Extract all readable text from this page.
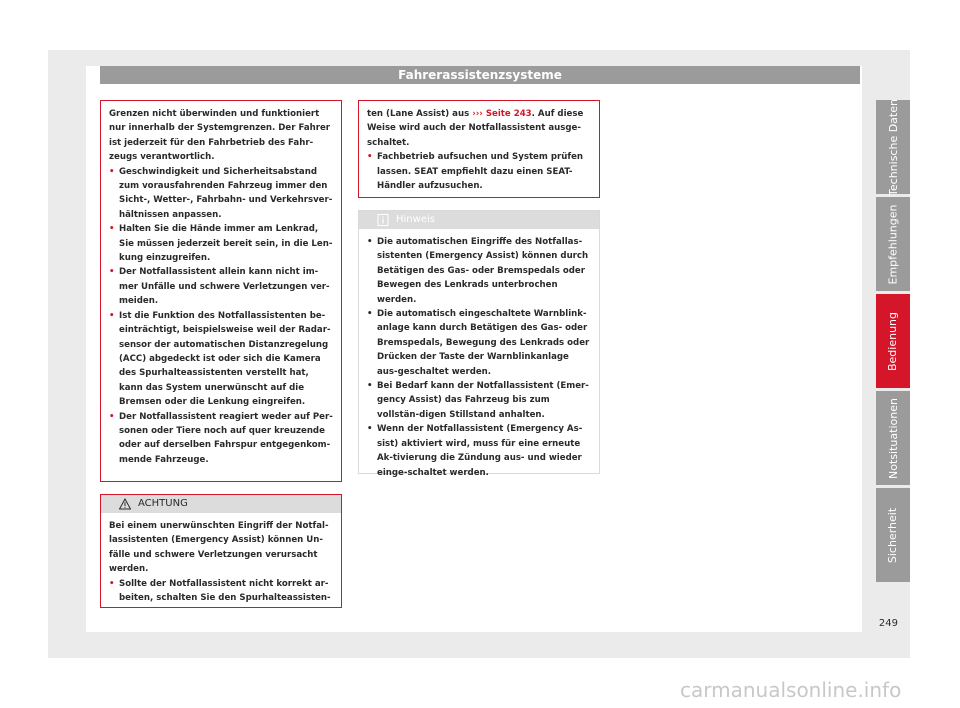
Fahrerassistenzsysteme

Grenzen nicht überwinden und funktioniert nur innerhalb der Systemgrenzen. Der Fahrer ist jederzeit für den Fahrbetrieb des Fahr-zeugs verantwortlich.

• Geschwindigkeit und Sicherheitsabstand zum vorausfahrenden Fahrzeug immer den Sicht-, Wetter-, Fahrbahn- und Verkehrsver-hältnissen anpassen.

• Halten Sie die Hände immer am Lenkrad, Sie müssen jederzeit bereit sein, in die Len-kung einzugreifen.

• Der Notfallassistent allein kann nicht im-mer Unfälle und schwere Verletzungen ver-meiden.

• Ist die Funktion des Notfallassistenten be-einträchtigt, beispielsweise weil der Radar-sensor der automatischen Distanzregelung (ACC) abgedeckt ist oder sich die Kamera des Spurhalteassistenten verstellt hat, kann das System unerwünscht auf die Bremsen oder die Lenkung eingreifen.

• Der Notfallassistent reagiert weder auf Per-sonen oder Tiere noch auf quer kreuzende oder auf derselben Fahrspur entgegenkom-mende Fahrzeuge.

ACHTUNG

Bei einem unerwünschten Eingriff der Notfal-lassistenten (Emergency Assist) können Un-fälle und schwere Verletzungen verursacht werden.

• Sollte der Notfallassistent nicht korrekt ar-beiten, schalten Sie den Spurhalteassisten-

ten (Lane Assist) aus ››› Seite 243. Auf diese Weise wird auch der Notfallassistent ausge-schaltet.

• Fachbetrieb aufsuchen und System prüfen lassen. SEAT empfiehlt dazu einen SEAT-Händler aufzusuchen.

Hinweis

• Die automatischen Eingriffe des Notfallas-sistenten (Emergency Assist) können durch Betätigen des Gas- oder Bremspedals oder Bewegen des Lenkrads unterbrochen werden.

• Die automatisch eingeschaltete Warnblink-anlage kann durch Betätigen des Gas- oder Bremspedals, Bewegung des Lenkrads oder Drücken der Taste der Warnblinkanlage aus-geschaltet werden.

• Bei Bedarf kann der Notfallassistent (Emer-gency Assist) das Fahrzeug bis zum vollstän-digen Stillstand anhalten.

• Wenn der Notfallassistent (Emergency As-sist) aktiviert wird, muss für eine erneute Ak-tivierung die Zündung aus- und wieder einge-schaltet werden.

Technische Daten
Empfehlungen
Bedienung
Notsituationen
Sicherheit
249
carmanualsonline.info
